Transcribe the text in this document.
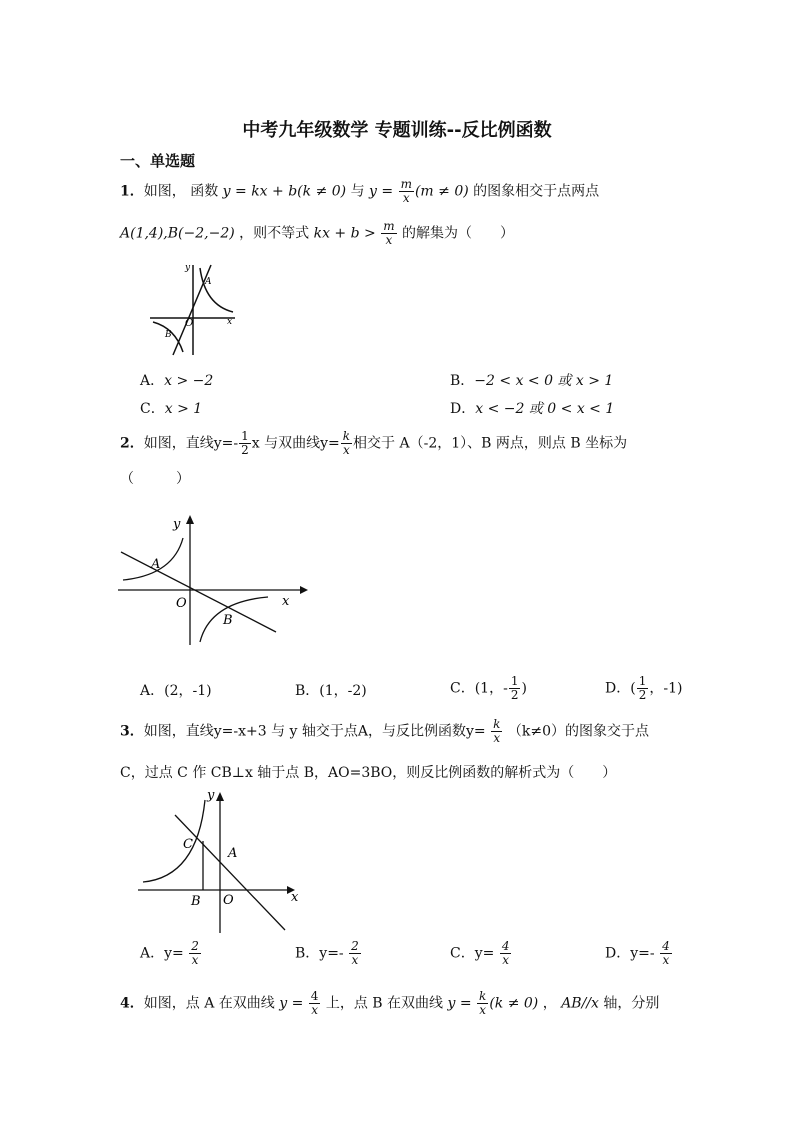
中考九年级数学 专题训练--反比例函数
一、单选题
1．如图， 函数 y = kx + b(k ≠ 0) 与 $y = \frac{m}{x} (m \ne 0)$ 的图象相交于点两点
A(1,4),B(−2,−2) ，则不等式 kx + $b > \frac{m}{x}$ 的解集为（　　）
y
x
O
A
B
A．x > −2	B．−2 < x < 0 或 x > 1
C．x > 1	D．x < −2 或 0 < x < 1
2．如图，直线$y=- \frac{1}{2}$ x 与双曲线$y= \frac{k}{x}$ 相交于 A（-2，1）、B 两点，则点 B 坐标为
（　　　）
y
x
O
A
B
A．(2，-1)	B．(1，-2)	C．(1，- $\frac{1}{2}$ )	D．( $\frac{1}{2}$ ，-1)
3．如图，直线y=-x+3 与 y 轴交于点A，与反比例函数$y= \frac{k}{x} (k\ne 0)$的图象交于点
C，过点 C 作 CB⊥x 轴于点 B，AO=3BO，则反比例函数的解析式为（　　）
y
x
O
A
B
C
A．$y= \frac{2}{x}$	B．$y=- \frac{2}{x}$	C．$y= \frac{4}{x}$	D．$y=- \frac{4}{x}$
4．如图，点 A 在双曲线 $y = \frac{4}{x}$ 上，点 B 在双曲线 $y = \frac{k}{x} (k \ne 0)$ ， AB//x 轴，分别
